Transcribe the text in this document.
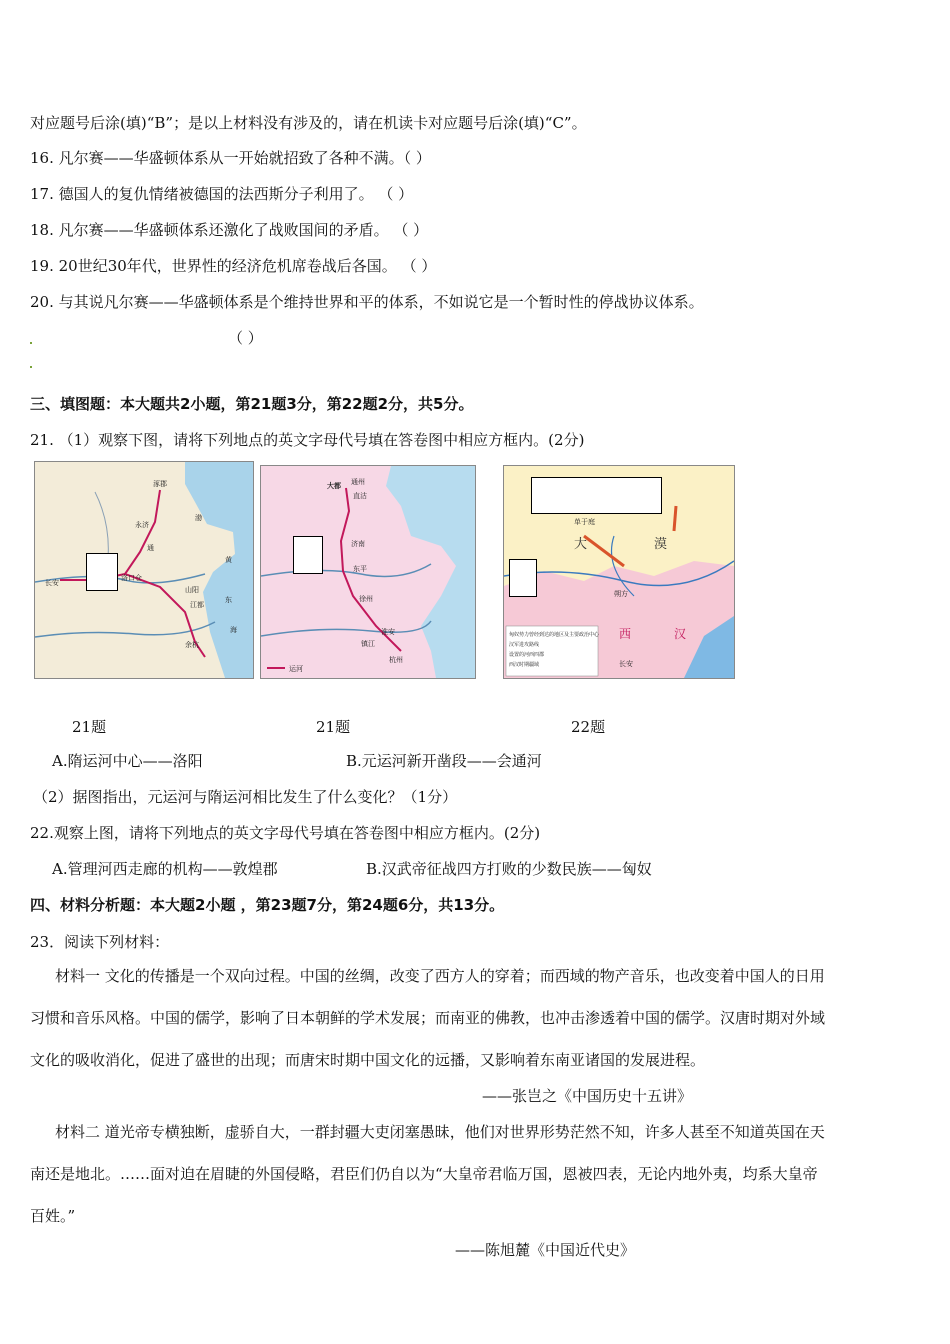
对应题号后涂(填)“B”；是以上材料没有涉及的，请在机读卡对应题号后涂(填)“C”。
16. 凡尔赛——华盛顿体系从一开始就招致了各种不满。（ ）
17. 德国人的复仇情绪被德国的法西斯分子利用了。 （ ）
18. 凡尔赛——华盛顿体系还激化了战败国间的矛盾。 （ ）
19. 20世纪30年代，世界性的经济危机席卷战后各国。 （ ）
20. 与其说凡尔赛——华盛顿体系是个维持世界和平的体系，不如说它是一个暂时性的停战协议体系。
（ ）
三、填图题：本大题共2小题，第21题3分，第22题2分，共5分。
21. （1）观察下图，请将下列地点的英文字母代号填在答卷图中相应方框内。(2分)
涿郡
洛口仓
长安
江都
余杭
山阳
通
永济
渤
黄
东
海
运河
大都 通州
直沽
济南
东平
徐州
淮安
镇江
杭州
匈奴势力曾经到达的地区及主要政治中心
汉军进攻路线
设置的河西四郡
西汉时期疆域
单于庭
大	漠
西	汉
长安
朔方
21题	21题	22题
A.隋运河中心——洛阳	B.元运河新开凿段——会通河
（2）据图指出，元运河与隋运河相比发生了什么变化？（1分）
22.观察上图，请将下列地点的英文字母代号填在答卷图中相应方框内。(2分)
A.管理河西走廊的机构——敦煌郡	B.汉武帝征战四方打败的少数民族——匈奴
四、材料分析题：本大题2小题 ，第23题7分，第24题6分，共13分。
23．阅读下列材料：
材料一 文化的传播是一个双向过程。中国的丝绸，改变了西方人的穿着；而西域的物产音乐，也改变着中国人的日用
习惯和音乐风格。中国的儒学，影响了日本朝鲜的学术发展；而南亚的佛教，也冲击渗透着中国的儒学。汉唐时期对外域
文化的吸收消化，促进了盛世的出现；而唐宋时期中国文化的远播，又影响着东南亚诸国的发展进程。
——张岂之《中国历史十五讲》
材料二 道光帝专横独断，虚骄自大，一群封疆大吏闭塞愚昧，他们对世界形势茫然不知，许多人甚至不知道英国在天
南还是地北。……面对迫在眉睫的外国侵略，君臣们仍自以为“大皇帝君临万国，恩被四表，无论内地外夷，均系大皇帝
百姓。”
——陈旭麓《中国近代史》
